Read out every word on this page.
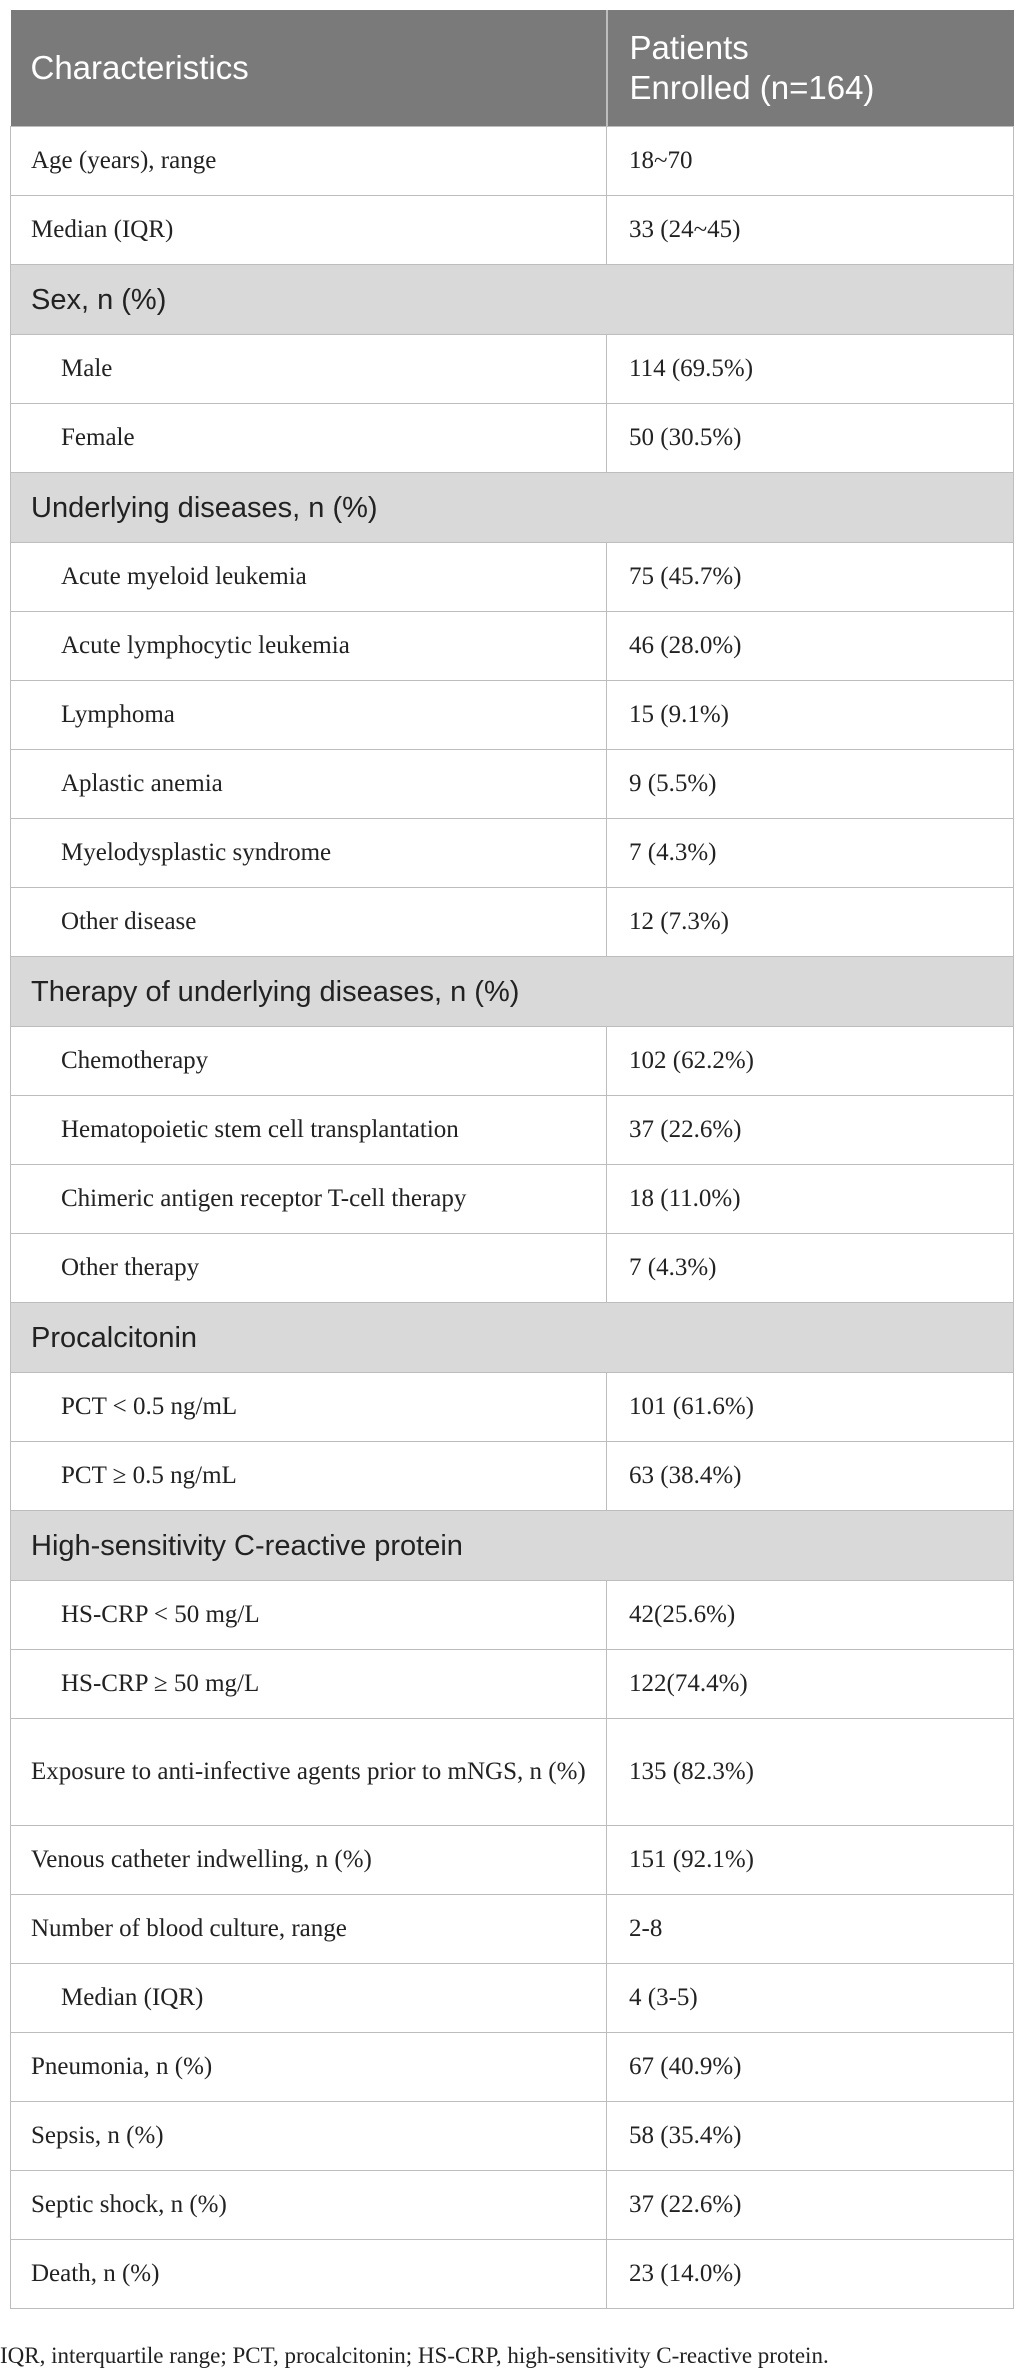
Characteristics	Patients
Enrolled (n=164)
Age (years), range	18~70
Median (IQR)	33 (24~45)
Sex, n (%)	
Male	114 (69.5%)
Female	50 (30.5%)
Underlying diseases, n (%)	
Acute myeloid leukemia	75 (45.7%)
Acute lymphocytic leukemia	46 (28.0%)
Lymphoma	15 (9.1%)
Aplastic anemia	9 (5.5%)
Myelodysplastic syndrome	7 (4.3%)
Other disease	12 (7.3%)
Therapy of underlying diseases, n (%)	
Chemotherapy	102 (62.2%)
Hematopoietic stem cell transplantation	37 (22.6%)
Chimeric antigen receptor T-cell therapy	18 (11.0%)
Other therapy	7 (4.3%)
Procalcitonin	
PCT < 0.5 ng/mL	101 (61.6%)
PCT ≥ 0.5 ng/mL	63 (38.4%)
High-sensitivity C-reactive protein	
HS-CRP < 50 mg/L	42(25.6%)
HS-CRP ≥ 50 mg/L	122(74.4%)
Exposure to anti-infective agents prior to mNGS, n (%)	135 (82.3%)
Venous catheter indwelling, n (%)	151 (92.1%)
Number of blood culture, range	2-8
Median (IQR)	4 (3-5)
Pneumonia, n (%)	67 (40.9%)
Sepsis, n (%)	58 (35.4%)
Septic shock, n (%)	37 (22.6%)
Death, n (%)	23 (14.0%)
IQR, interquartile range; PCT, procalcitonin; HS-CRP, high-sensitivity C-reactive protein.
